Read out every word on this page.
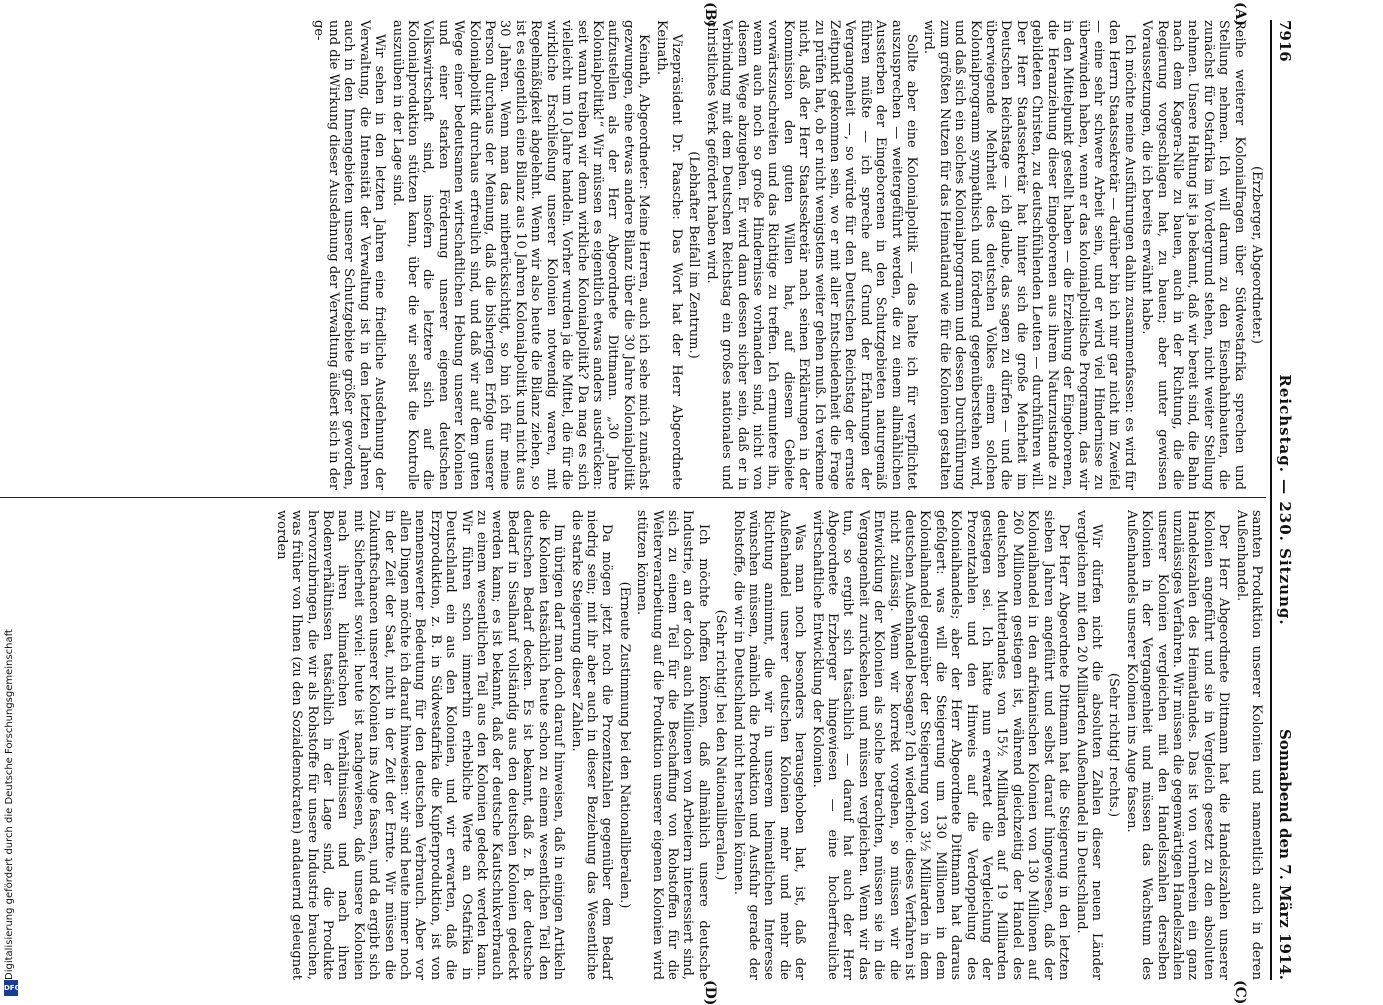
7916
Reichstag. — 230. Sitzung.
Sonnabend den 7. März 1914.
(A)
(B)
(C)
(D)

(Erzberger, Abgeordneter.)

Reihe weiterer Kolonialfragen über Südwestafrika sprechen und Stellung nehmen. Ich will darum zu den Eisenbahnbauten, die zunächst für Ostafrika im Vordergrund stehen, nicht weiter Stellung nehmen. Unsere Haltung ist ja bekannt, daß wir bereit sind, die Bahn nach dem Kagera-Nile zu bauen, auch in der Richtung, die die Regierung vorgeschlagen hat, zu bauen; aber unter gewissen Voraussetzungen, die ich bereits erwähnt habe.

Ich möchte meine Ausführungen dahin zusammenfassen: es wird für den Herrn Staatssekretär — darüber bin ich mir gar nicht im Zweifel — eine sehr schwere Arbeit sein, und er wird viel Hindernisse zu überwinden haben, wenn er das kolonialpolitische Programm, das wir in den Mittelpunkt gestellt haben — die Erziehung der Eingeborenen, die Heranziehung dieser Eingeborenen aus ihrem Naturzustande zu gebildeten Christen, zu deutschfühlenden Leuten — durchführen will. Der Herr Staatssekretär hat hinter sich die große Mehrheit im Deutschen Reichstage — ich glaube, das sagen zu dürfen — und die überwiegende Mehrheit des deutschen Volkes einem solchen Kolonialprogramm sympathisch und fördernd gegenüberstehen wird, und daß sich ein solches Kolonialprogramm und dessen Durchführung zum größten Nutzen für das Heimatland wie für die Kolonien gestalten wird.

Sollte aber eine Kolonialpolitik — das halte ich für verpflichtet auszusprechen — weitergeführt werden, die zu einem allmählichen Aussterben der Eingeborenen in den Schutzgebieten naturgemäß führen müßte — ich spreche auf Grund der Erfahrungen der Vergangenheit —, so würde für den Deutschen Reichstag der ernste Zeitpunkt gekommen sein, wo er mit aller Entschiedenheit die Frage zu prüfen hat, ob er nicht wenigstens weiter gehen muß. Ich verkenne nicht, daß der Herr Staatssekretär nach seinen Erklärungen in der Kommission den guten Willen hat, auf diesem Gebiete vorwärtszuschreiten und das Richtige zu treffen. Ich ermuntere ihn, wenn auch noch so große Hindernisse vorhanden sind, nicht von diesem Wege abzugehen. Er wird dann dessen sicher sein, daß er in Verbindung mit dem Deutschen Reichstag ein großes nationales und christliches Werk gefördert haben wird.

(Lebhafter Beifall im Zentrum.)

Vizepräsident Dr. Paasche: Das Wort hat der Herr Abgeordnete Keinath.

Keinath, Abgeordneter: Meine Herren, auch ich sehe mich zunächst gezwungen, eine etwas andere Bilanz über die 30 Jahre Kolonialpolitik aufzustellen als der Herr Abgeordnete Dittmann. „30 Jahre Kolonialpolitik!“ Wir müssen es eigentlich etwas anders ausdrücken: seit wann treiben wir denn wirkliche Kolonialpolitik? Da mag es sich vielleicht um 10 Jahre handeln. Vorher wurden ja die Mittel, die für die wirkliche Erschließung unserer Kolonien notwendig waren, mit Regelmäßigkeit abgelehnt. Wenn wir also heute die Bilanz ziehen, so ist es eigentlich eine Bilanz aus 10 Jahren Kolonialpolitik und nicht aus 30 Jahren. Wenn man das mitberücksichtigt, so bin ich für meine Person durchaus der Meinung, daß die bisherigen Erfolge unserer Kolonialpolitik durchaus erfreulich sind, und daß wir auf dem guten Wege einer bedeutsamen wirtschaftlichen Hebung unserer Kolonien und einer starken Förderung unserer eigenen deutschen Volkswirtschaft sind, insofern die letztere sich auf die Kolonialproduktion stützen kann, über die wir selbst die Kontrolle auszuüben in der Lage sind.

Wir sehen in den letzten Jahren eine friedliche Ausdehnung der Verwaltung, die Intensität der Verwaltung ist in den letzten Jahren auch in den Innengebieten unserer Schutzgebiete größer geworden, und die Wirkung dieser Ausdehnung der Verwaltung äußert sich in der ge-

samten Produktion unserer Kolonien und namentlich auch in deren Außenhandel.

Der Herr Abgeordnete Dittmann hat die Handelszahlen unserer Kolonien angeführt und sie in Vergleich gesetzt zu den absoluten Handelszahlen des Heimatlandes. Das ist von vornherein ein ganz unzulässiges Verfahren. Wir müssen die gegenwärtigen Handelszahlen unserer Kolonien vergleichen mit den Handelszahlen derselben Kolonien in der Vergangenheit und müssen das Wachstum des Außenhandels unserer Kolonien ins Auge fassen.

(Sehr richtig! rechts.)

Wir dürfen nicht die absoluten Zahlen dieser neuen Länder vergleichen mit den 20 Milliarden Außenhandel in Deutschland.

Der Herr Abgeordnete Dittmann hat die Steigerung in den letzten sieben Jahren angeführt und selbst darauf hingewiesen, daß der Kolonialhandel in den afrikanischen Kolonien von 130 Millionen auf 260 Millionen gestiegen ist, während gleichzeitig der Handel des deutschen Mutterlandes von 15½ Milliarden auf 19 Milliarden gestiegen sei. Ich hätte nun erwartet die Vergleichung der Prozentzahlen und den Hinweis auf die Verdoppelung des Kolonialhandels; aber der Herr Abgeordnete Dittmann hat daraus gefolgert: was will die Steigerung um 130 Millionen in dem Kolonialhandel gegenüber der Steigerung von 3½ Milliarden in dem deutschen Außenhandel besagen? Ich wiederhole: dieses Verfahren ist nicht zulässig. Wenn wir korrekt vorgehen, so müssen wir die Entwicklung der Kolonien als solche betrachten, müssen sie in die Vergangenheit zurücksehen und müssen vergleichen. Wenn wir das tun, so ergibt sich tatsächlich — darauf hat auch der Herr Abgeordnete Erzberger hingewiesen — eine hocherfreuliche wirtschaftliche Entwicklung der Kolonien.

Was man noch besonders herausgehoben hat, ist, daß der Außenhandel unserer deutschen Kolonien mehr und mehr die Richtung annimmt, die wir in unserem heimatlichen Interesse wünschen müssen, nämlich die Produktion und Ausfuhr gerade der Rohstoffe, die wir in Deutschland nicht herstellen können.

(Sehr richtig! bei den Nationalliberalen.)

Ich möchte hoffen können, daß allmählich unsere deutsche Industrie, an der doch auch Millionen von Arbeitern interessiert sind, sich zu einem Teil für die Beschaffung von Rohstoffen für die Weiterverarbeitung auf die Produktion unserer eigenen Kolonien wird stützen können.

(Erneute Zustimmung bei den Nationalliberalen.)

Da mögen jetzt noch die Prozentzahlen gegenüber dem Bedarf niedrig sein; mit ihr aber auch in dieser Beziehung das Wesentliche die starke Steigerung dieser Zahlen.

Im übrigen darf man doch darauf hinweisen, daß in einigen Artikeln die Kolonien tatsächlich heute schon zu einem wesentlichen Teil den deutschen Bedarf decken. Es ist bekannt, daß z. B. der deutsche Bedarf in Sisalhanf vollständig aus den deutschen Kolonien gedeckt werden kann; es ist bekannt, daß der deutsche Kautschukverbrauch zu einem wesentlichen Teil aus den Kolonien gedeckt werden kann. Wir führen schon immerhin erhebliche Werte an Ostafrika in Deutschland ein aus den Kolonien, und wir erwarten, daß die Erzproduktion, z. B. in Südwestafrika die Kupferproduktion, ist von nennenswerter Bedeutung für den deutschen Verbrauch. Aber vor allen Dingen möchte ich darauf hinweisen: wir sind heute immer noch in der Zeit der Saat, nicht in der Zeit der Ernte. Wir müssen die Zukunftschancen unserer Kolonien ins Auge fassen, und da ergibt sich mit Sicherheit soviel: heute ist nachgewiesen, daß unsere Kolonien nach ihren klimatischen Verhältnissen und nach ihren Bodenverhältnissen tatsächlich in der Lage sind, die Produkte hervorzubringen, die wir als Rohstoffe für unsere Industrie brauchen, was früher von Ihnen (zu den Sozialdemokraten) andauernd geleugnet worden

Digitalisierung gefördert durch die Deutsche Forschungsgemeinschaft
DFG
